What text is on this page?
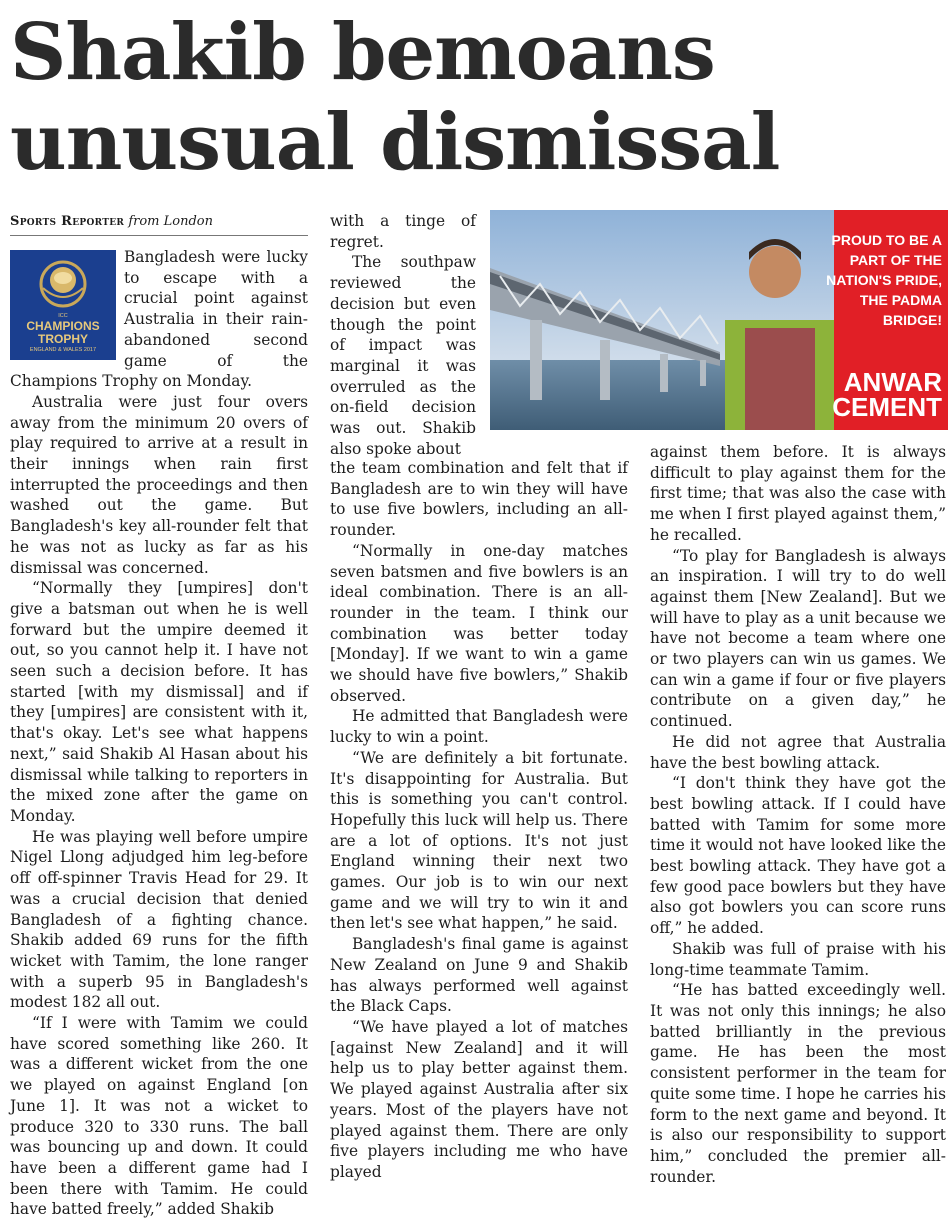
Shakib bemoans
unusual dismissal
Sports Reporter from London
ICC
CHAMPIONS
TROPHY
ENGLAND & WALES 2017

Bangladesh were lucky to escape with a crucial point against Australia in their rain-abandoned second game of the Champions Trophy on Monday.

Australia were just four overs away from the minimum 20 overs of play required to arrive at a result in their innings when rain first interrupted the proceedings and then washed out the game. But Bangladesh's key all-rounder felt that he was not as lucky as far as his dismissal was concerned.

“Normally they [umpires] don't give a batsman out when he is well forward but the umpire deemed it out, so you cannot help it. I have not seen such a decision before. It has started [with my dismissal] and if they [umpires] are consistent with it, that's okay. Let's see what happens next,” said Shakib Al Hasan about his dismissal while talking to reporters in the mixed zone after the game on Monday.

He was playing well before umpire Nigel Llong adjudged him leg-before off off-spinner Travis Head for 29. It was a crucial decision that denied Bangladesh of a fighting chance. Shakib added 69 runs for the fifth wicket with Tamim, the lone ranger with a superb 95 in Bangladesh's modest 182 all out.

“If I were with Tamim we could have scored something like 260. It was a different wicket from the one we played on against England [on June 1]. It was not a wicket to produce 320 to 330 runs. The ball was bouncing up and down. It could have been a different game had I been there with Tamim. He could have batted freely,” added Shakib

with a tinge of regret.

The southpaw reviewed the decision but even though the point of impact was marginal it was overruled as the on-field decision was out. Shakib also spoke about

the team combination and felt that if Bangladesh are to win they will have to use five bowlers, including an all-rounder.

“Normally in one-day matches seven batsmen and five bowlers is an ideal combination. There is an all-rounder in the team. I think our combination was better today [Monday]. If we want to win a game we should have five bowlers,” Shakib observed.

He admitted that Bangladesh were lucky to win a point.

“We are definitely a bit fortunate. It's disappointing for Australia. But this is something you can't control. Hopefully this luck will help us. There are a lot of options. It's not just England winning their next two games. Our job is to win our next game and we will try to win it and then let's see what happen,” he said.

Bangladesh's final game is against New Zealand on June 9 and Shakib has always performed well against the Black Caps.

“We have played a lot of matches [against New Zealand] and it will help us to play better against them. We played against Australia after six years. Most of the players have not played against them. There are only five players including me who have played

PROUD TO BE A PART OF THE NATION'S PRIDE, THE PADMA BRIDGE!
ANWAR
CEMENT

against them before. It is always difficult to play against them for the first time; that was also the case with me when I first played against them,” he recalled.

“To play for Bangladesh is always an inspiration. I will try to do well against them [New Zealand]. But we will have to play as a unit because we have not become a team where one or two players can win us games. We can win a game if four or five players contribute on a given day,” he continued.

He did not agree that Australia have the best bowling attack.

“I don't think they have got the best bowling attack. If I could have batted with Tamim for some more time it would not have looked like the best bowling attack. They have got a few good pace bowlers but they have also got bowlers you can score runs off,” he added.

Shakib was full of praise with his long-time teammate Tamim.

“He has batted exceedingly well. It was not only this innings; he also batted brilliantly in the previous game. He has been the most consistent performer in the team for quite some time. I hope he carries his form to the next game and beyond. It is also our responsibility to support him,” concluded the premier all-rounder.
